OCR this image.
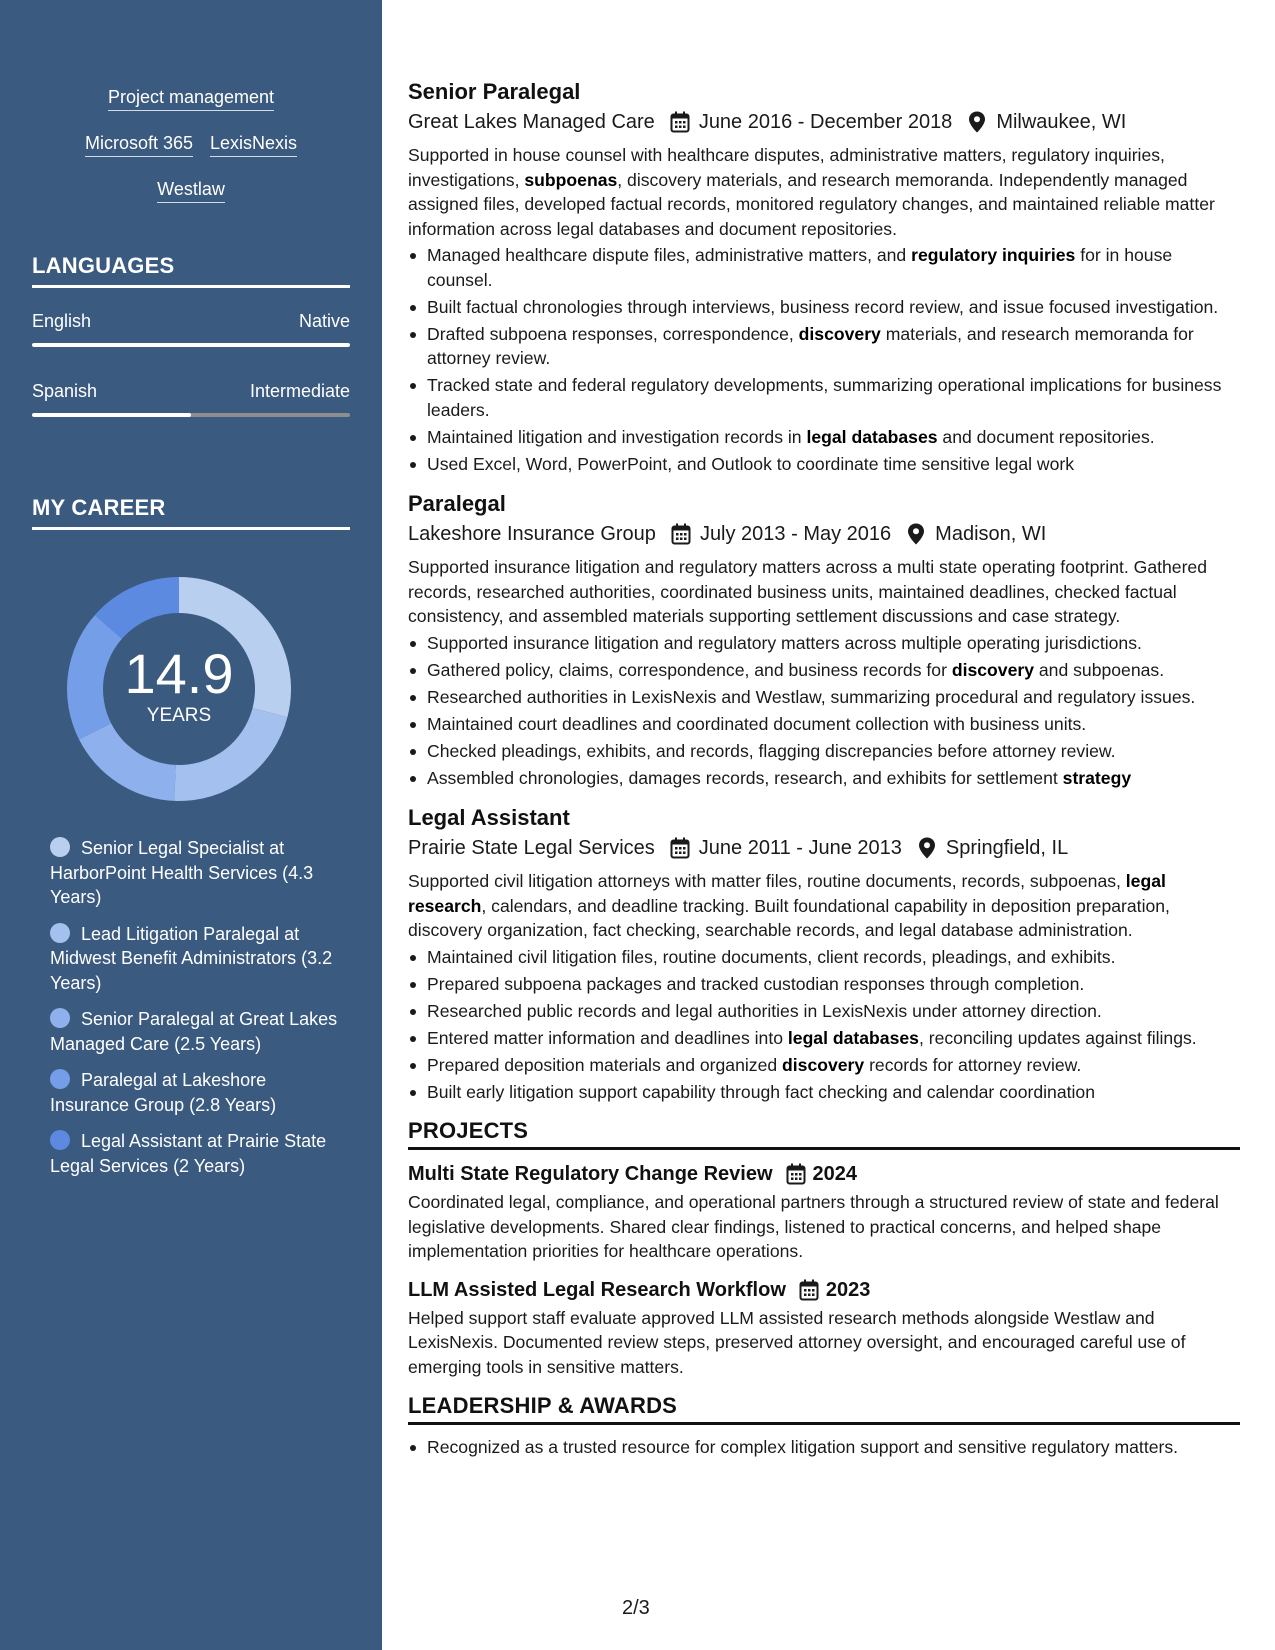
Project management
Microsoft 365 LexisNexis
Westlaw
LANGUAGES
English	Native
Spanish	Intermediate
MY CAREER
14.9
YEARS
Senior Legal Specialist at HarborPoint Health Services (4.3 Years)
Lead Litigation Paralegal at Midwest Benefit Administrators (3.2 Years)
Senior Paralegal at Great Lakes Managed Care (2.5 Years)
Paralegal at Lakeshore Insurance Group (2.8 Years)
Legal Assistant at Prairie State Legal Services (2 Years)
Senior Paralegal
Great Lakes Managed Care June 2016 - December 2018 Milwaukee, WI
Supported in house counsel with healthcare disputes, administrative matters, regulatory inquiries, investigations, subpoenas, discovery materials, and research memoranda. Independently managed assigned files, developed factual records, monitored regulatory changes, and maintained reliable matter information across legal databases and document repositories.
Managed healthcare dispute files, administrative matters, and regulatory inquiries for in house counsel.
Built factual chronologies through interviews, business record review, and issue focused investigation.
Drafted subpoena responses, correspondence, discovery materials, and research memoranda for attorney review.
Tracked state and federal regulatory developments, summarizing operational implications for business leaders.
Maintained litigation and investigation records in legal databases and document repositories.
Used Excel, Word, PowerPoint, and Outlook to coordinate time sensitive legal work
Paralegal
Lakeshore Insurance Group July 2013 - May 2016 Madison, WI
Supported insurance litigation and regulatory matters across a multi state operating footprint. Gathered records, researched authorities, coordinated business units, maintained deadlines, checked factual consistency, and assembled materials supporting settlement discussions and case strategy.
Supported insurance litigation and regulatory matters across multiple operating jurisdictions.
Gathered policy, claims, correspondence, and business records for discovery and subpoenas.
Researched authorities in LexisNexis and Westlaw, summarizing procedural and regulatory issues.
Maintained court deadlines and coordinated document collection with business units.
Checked pleadings, exhibits, and records, flagging discrepancies before attorney review.
Assembled chronologies, damages records, research, and exhibits for settlement strategy
Legal Assistant
Prairie State Legal Services June 2011 - June 2013 Springfield, IL
Supported civil litigation attorneys with matter files, routine documents, records, subpoenas, legal research, calendars, and deadline tracking. Built foundational capability in deposition preparation, discovery organization, fact checking, searchable records, and legal database administration.
Maintained civil litigation files, routine documents, client records, pleadings, and exhibits.
Prepared subpoena packages and tracked custodian responses through completion.
Researched public records and legal authorities in LexisNexis under attorney direction.
Entered matter information and deadlines into legal databases, reconciling updates against filings.
Prepared deposition materials and organized discovery records for attorney review.
Built early litigation support capability through fact checking and calendar coordination
PROJECTS
Multi State Regulatory Change Review 2024
Coordinated legal, compliance, and operational partners through a structured review of state and federal legislative developments. Shared clear findings, listened to practical concerns, and helped shape implementation priorities for healthcare operations.
LLM Assisted Legal Research Workflow 2023
Helped support staff evaluate approved LLM assisted research methods alongside Westlaw and LexisNexis. Documented review steps, preserved attorney oversight, and encouraged careful use of emerging tools in sensitive matters.
LEADERSHIP & AWARDS
Recognized as a trusted resource for complex litigation support and sensitive regulatory matters.
2/3
